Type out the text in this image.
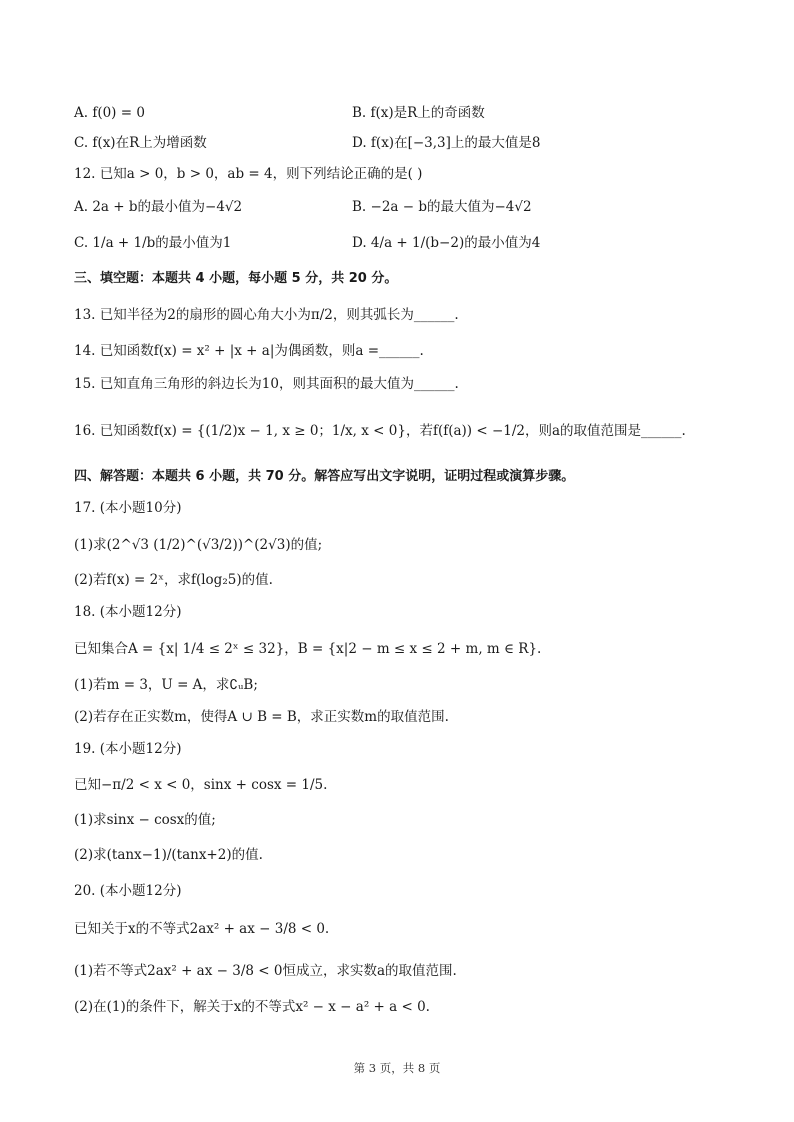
A. f(0) = 0	B. f(x)是R上的奇函数
C. f(x)在R上为增函数	D. f(x)在[−3,3]上的最大值是8
12. 已知a > 0，b > 0，ab = 4，则下列结论正确的是( )
A. 2a + b的最小值为−4√2	B. −2a − b的最大值为−4√2
C. 1/a + 1/b的最小值为1	D. 4/a + 1/(b−2)的最小值为4
三、填空题：本题共 4 小题，每小题 5 分，共 20 分。
13. 已知半径为2的扇形的圆心角大小为π/2，则其弧长为______.
14. 已知函数f(x) = x² + |x + a|为偶函数，则a =______.
15. 已知直角三角形的斜边长为10，则其面积的最大值为______.
16. 已知函数f(x) = {(1/2)x − 1, x ≥ 0；1/x, x < 0}，若f(f(a)) < −1/2，则a的取值范围是______.
四、解答题：本题共 6 小题，共 70 分。解答应写出文字说明，证明过程或演算步骤。
17. (本小题10分)
(1)求(2^√3 (1/2)^(√3/2))^(2√3)的值;
(2)若f(x) = 2ˣ，求f(log₂5)的值.
18. (本小题12分)
已知集合A = {x| 1/4 ≤ 2ˣ ≤ 32}，B = {x|2 − m ≤ x ≤ 2 + m, m ∈ R}.
(1)若m = 3，U = A，求∁ᵤB;
(2)若存在正实数m，使得A ∪ B = B，求正实数m的取值范围.
19. (本小题12分)
已知−π/2 < x < 0，sinx + cosx = 1/5.
(1)求sinx − cosx的值;
(2)求(tanx−1)/(tanx+2)的值.
20. (本小题12分)
已知关于x的不等式2ax² + ax − 3/8 < 0.
(1)若不等式2ax² + ax − 3/8 < 0恒成立，求实数a的取值范围.
(2)在(1)的条件下，解关于x的不等式x² − x − a² + a < 0.
第 3 页，共 8 页
